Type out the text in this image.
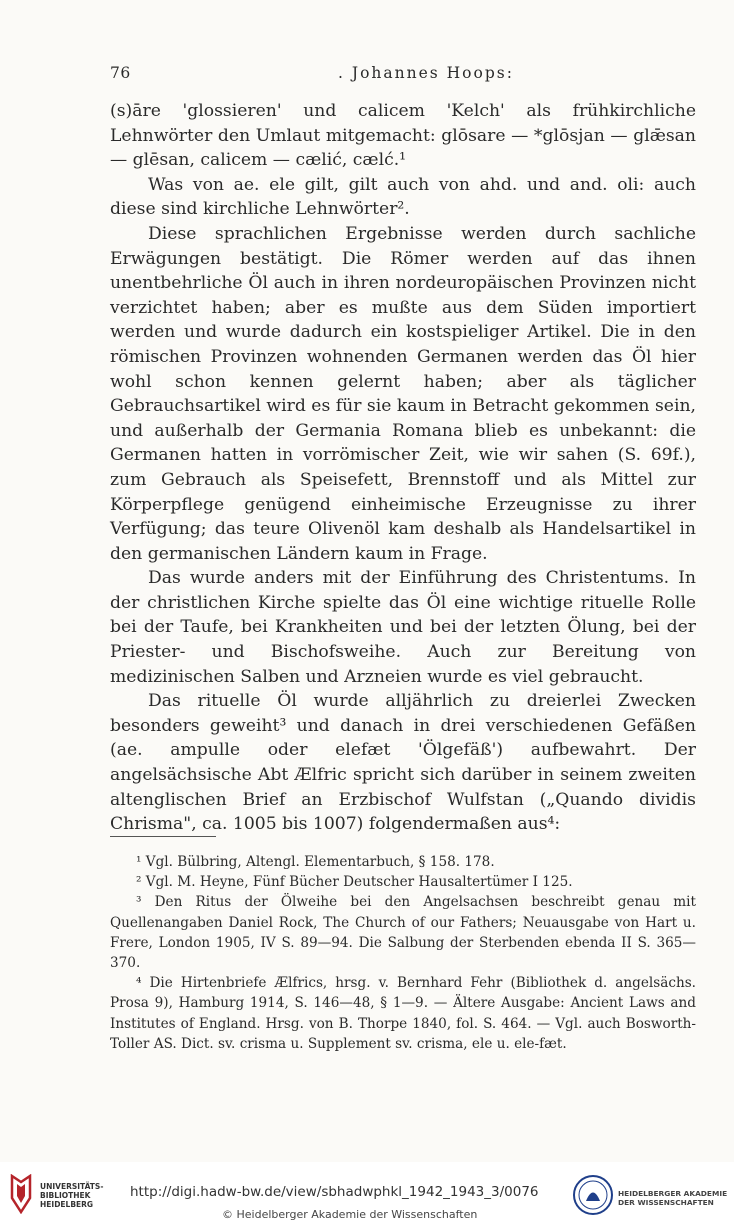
76	. Johannes Hoops:

(s)āre 'glossieren' und calicem 'Kelch' als frühkirchliche Lehnwörter den Umlaut mitgemacht: glōsare — *glōsjan — glǣsan — glēsan, calicem — cælić, cælć.¹

Was von ae. ele gilt, gilt auch von ahd. und and. oli: auch diese sind kirchliche Lehnwörter².

Diese sprachlichen Ergebnisse werden durch sachliche Erwägungen bestätigt. Die Römer werden auf das ihnen unentbehrliche Öl auch in ihren nordeuropäischen Provinzen nicht verzichtet haben; aber es mußte aus dem Süden importiert werden und wurde dadurch ein kostspieliger Artikel. Die in den römischen Provinzen wohnenden Germanen werden das Öl hier wohl schon kennen gelernt haben; aber als täglicher Gebrauchsartikel wird es für sie kaum in Betracht gekommen sein, und außerhalb der Germania Romana blieb es unbekannt: die Germanen hatten in vorrömischer Zeit, wie wir sahen (S. 69f.), zum Gebrauch als Speisefett, Brennstoff und als Mittel zur Körperpflege genügend einheimische Erzeugnisse zu ihrer Verfügung; das teure Olivenöl kam deshalb als Handelsartikel in den germanischen Ländern kaum in Frage.

Das wurde anders mit der Einführung des Christentums. In der christlichen Kirche spielte das Öl eine wichtige rituelle Rolle bei der Taufe, bei Krankheiten und bei der letzten Ölung, bei der Priester- und Bischofsweihe. Auch zur Bereitung von medizinischen Salben und Arzneien wurde es viel gebraucht.

Das rituelle Öl wurde alljährlich zu dreierlei Zwecken besonders geweiht³ und danach in drei verschiedenen Gefäßen (ae. ampulle oder elefæt 'Ölgefäß') aufbewahrt. Der angelsächsische Abt Ælfric spricht sich darüber in seinem zweiten altenglischen Brief an Erzbischof Wulfstan („Quando dividis Chrisma", ca. 1005 bis 1007) folgendermaßen aus⁴:

¹ Vgl. Bülbring, Altengl. Elementarbuch, § 158. 178.

² Vgl. M. Heyne, Fünf Bücher Deutscher Hausaltertümer I 125.

³ Den Ritus der Ölweihe bei den Angelsachsen beschreibt genau mit Quellenangaben Daniel Rock, The Church of our Fathers; Neuausgabe von Hart u. Frere, London 1905, IV S. 89—94. Die Salbung der Sterbenden ebenda II S. 365—370.

⁴ Die Hirtenbriefe Ælfrics, hrsg. v. Bernhard Fehr (Bibliothek d. angelsächs. Prosa 9), Hamburg 1914, S. 146—48, § 1—9. — Ältere Ausgabe: Ancient Laws and Institutes of England. Hrsg. von B. Thorpe 1840, fol. S. 464. — Vgl. auch Bosworth-Toller AS. Dict. sv. crisma u. Supplement sv. crisma, ele u. ele-fæt.

UNIVERSITÄTS-
BIBLIOTHEK
HEIDELBERG
http://digi.hadw-bw.de/view/sbhadwphkl_1942_1943_3/0076
© Heidelberger Akademie der Wissenschaften
HEIDELBERGER AKADEMIE
DER WISSENSCHAFTEN
